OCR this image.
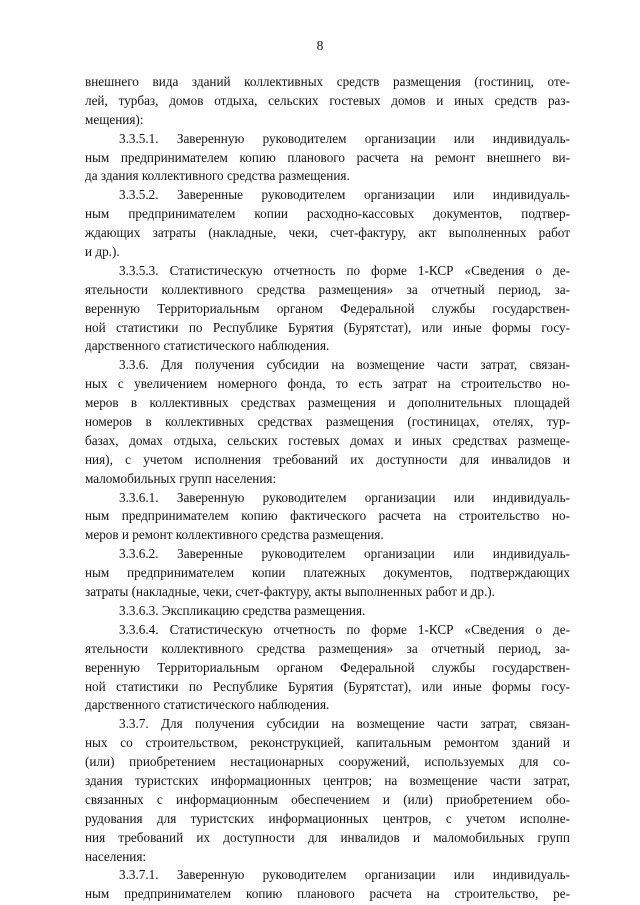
8
внешнего вида зданий коллективных средств размещения (гостиниц, оте-
лей, турбаз, домов отдыха, сельских гостевых домов и иных средств раз-
мещения):
3.3.5.1. Заверенную руководителем организации или индивидуаль-
ным предпринимателем копию планового расчета на ремонт внешнего ви-
да здания коллективного средства размещения.
3.3.5.2. Заверенные руководителем организации или индивидуаль-
ным предпринимателем копии расходно-кассовых документов, подтвер-
ждающих затраты (накладные, чеки, счет-фактуру, акт выполненных работ
и др.).
3.3.5.3. Статистическую отчетность по форме 1-КСР «Сведения о де-
ятельности коллективного средства размещения» за отчетный период, за-
веренную Территориальным органом Федеральной службы государствен-
ной статистики по Республике Бурятия (Бурятстат), или иные формы госу-
дарственного статистического наблюдения.
3.3.6. Для получения субсидии на возмещение части затрат, связан-
ных с увеличением номерного фонда, то есть затрат на строительство но-
меров в коллективных средствах размещения и дополнительных площадей
номеров в коллективных средствах размещения (гостиницах, отелях, тур-
базах, домах отдыха, сельских гостевых домах и иных средствах размеще-
ния), с учетом исполнения требований их доступности для инвалидов и
маломобильных групп населения:
3.3.6.1. Заверенную руководителем организации или индивидуаль-
ным предпринимателем копию фактического расчета на строительство но-
меров и ремонт коллективного средства размещения.
3.3.6.2. Заверенные руководителем организации или индивидуаль-
ным предпринимателем копии платежных документов, подтверждающих
затраты (накладные, чеки, счет-фактуру, акты выполненных работ и др.).
3.3.6.3. Экспликацию средства размещения.
3.3.6.4. Статистическую отчетность по форме 1-КСР «Сведения о де-
ятельности коллективного средства размещения» за отчетный период, за-
веренную Территориальным органом Федеральной службы государствен-
ной статистики по Республике Бурятия (Бурятстат), или иные формы госу-
дарственного статистического наблюдения.
3.3.7. Для получения субсидии на возмещение части затрат, связан-
ных со строительством, реконструкцией, капитальным ремонтом зданий и
(или) приобретением нестационарных сооружений, используемых для со-
здания туристских информационных центров; на возмещение части затрат,
связанных с информационным обеспечением и (или) приобретением обо-
рудования для туристских информационных центров, с учетом исполне-
ния требований их доступности для инвалидов и маломобильных групп
населения:
3.3.7.1. Заверенную руководителем организации или индивидуаль-
ным предпринимателем копию планового расчета на строительство, ре-
